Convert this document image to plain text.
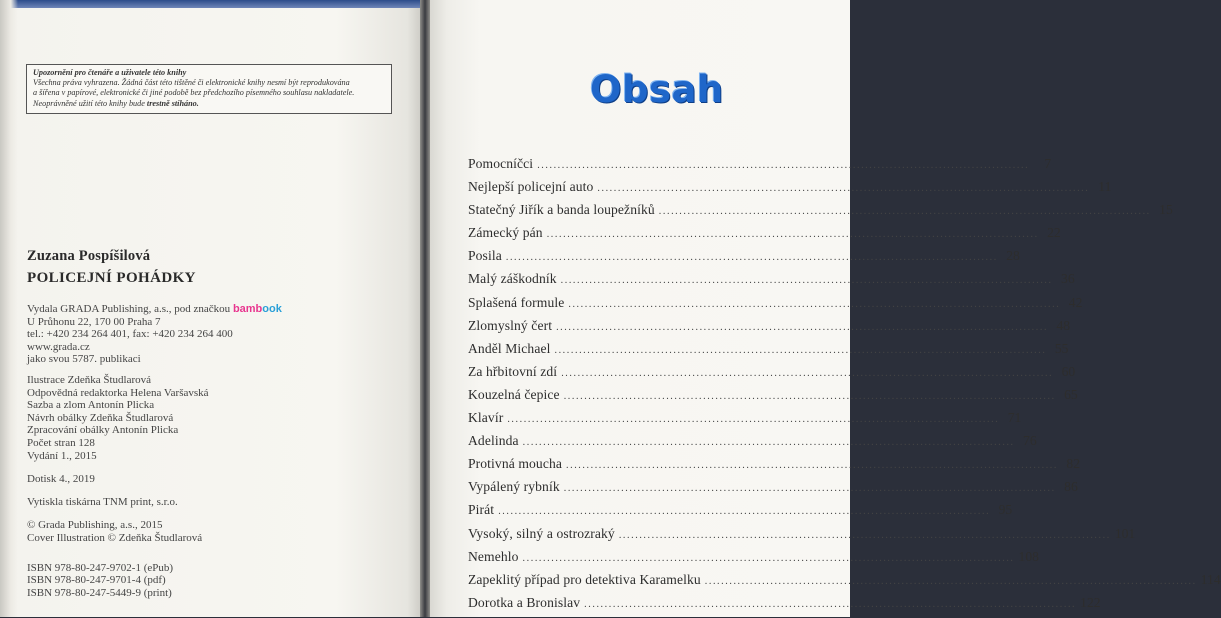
Upozornění pro čtenáře a uživatele této knihy
Všechna práva vyhrazena. Žádná část této tištěné či elektronické knihy nesmí být reprodukována
a šířena v papírové, elektronické či jiné podobě bez předchozího písemného souhlasu nakladatele.
Neoprávněné užití této knihy bude trestně stíháno.
Zuzana Pospíšilová
POLICEJNÍ POHÁDKY
Vydala GRADA Publishing, a.s., pod značkou bambook
U Průhonu 22, 170 00 Praha 7
tel.: +420 234 264 401, fax: +420 234 264 400
www.grada.cz
jako svou 5787. publikaci
Ilustrace Zdeňka Študlarová
Odpovědná redaktorka Helena Varšavská
Sazba a zlom Antonín Plicka
Návrh obálky Zdeňka Študlarová
Zpracování obálky Antonín Plicka
Počet stran 128
Vydání 1., 2015
Dotisk 4., 2019
Vytiskla tiskárna TNM print, s.r.o.
© Grada Publishing, a.s., 2015
Cover Illustration © Zdeňka Študlarová
ISBN 978-80-247-9702-1 (ePub)
ISBN 978-80-247-9701-4 (pdf)
ISBN 978-80-247-5449-9 (print)
Obsah
Pomocníčci ........................................................................................................................	7
Nejlepší policejní auto ........................................................................................................................ 11
Statečný Jiřík a banda loupežníků ........................................................................................................................ 15
Zámecký pán ........................................................................................................................ 22
Posila ........................................................................................................................ 28
Malý záškodník ........................................................................................................................ 36
Splašená formule ........................................................................................................................ 42
Zlomyslný čert ........................................................................................................................ 48
Anděl Michael ........................................................................................................................ 55
Za hřbitovní zdí ........................................................................................................................ 60
Kouzelná čepice ........................................................................................................................ 65
Klavír ........................................................................................................................ 71
Adelinda ........................................................................................................................ 76
Protivná moucha ........................................................................................................................ 82
Vypálený rybník ........................................................................................................................ 86
Pirát ........................................................................................................................ 95
Vysoký, silný a ostrozraký ........................................................................................................................ 101
Nemehlo ........................................................................................................................ 108
Zapeklitý případ pro detektiva Karamelku ........................................................................................................................ 114
Dorotka a Bronislav ........................................................................................................................ 122
